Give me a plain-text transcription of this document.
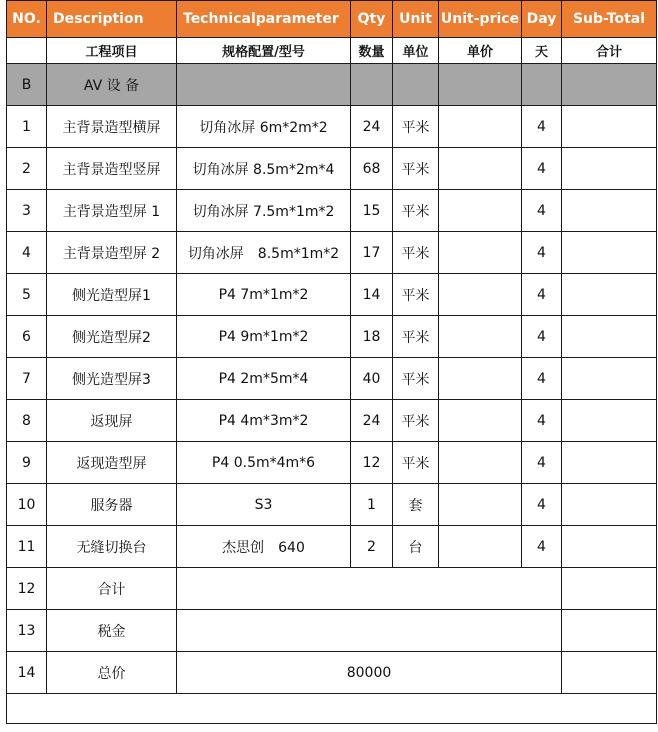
NO.	Description	Technicalparameter	Qty	Unit	Unit-price	Day	Sub-Total
	工程项目	规格配置/型号	数量	单位	单价	天	合计
B	AV 设 备						
1	主背景造型横屏	切角冰屏 6m*2m*2	24	平米		4	
2	主背景造型竖屏	切角冰屏 8.5m*2m*4	68	平米		4	
3	主背景造型屏 1	切角冰屏 7.5m*1m*2	15	平米		4	
4	主背景造型屏 2	切角冰屏　8.5m*1m*2	17	平米		4	
5	侧光造型屏1	P4 7m*1m*2	14	平米		4	
6	侧光造型屏2	P4 9m*1m*2	18	平米		4	
7	侧光造型屏3	P4 2m*5m*4	40	平米		4	
8	返现屏	P4 4m*3m*2	24	平米		4	
9	返现造型屏	P4 0.5m*4m*6	12	平米		4	
10	服务器	S3	1	套		4	
11	无缝切换台	杰思创　640	2	台		4	
12	合计						
13	税金						
14	总价	80000					
